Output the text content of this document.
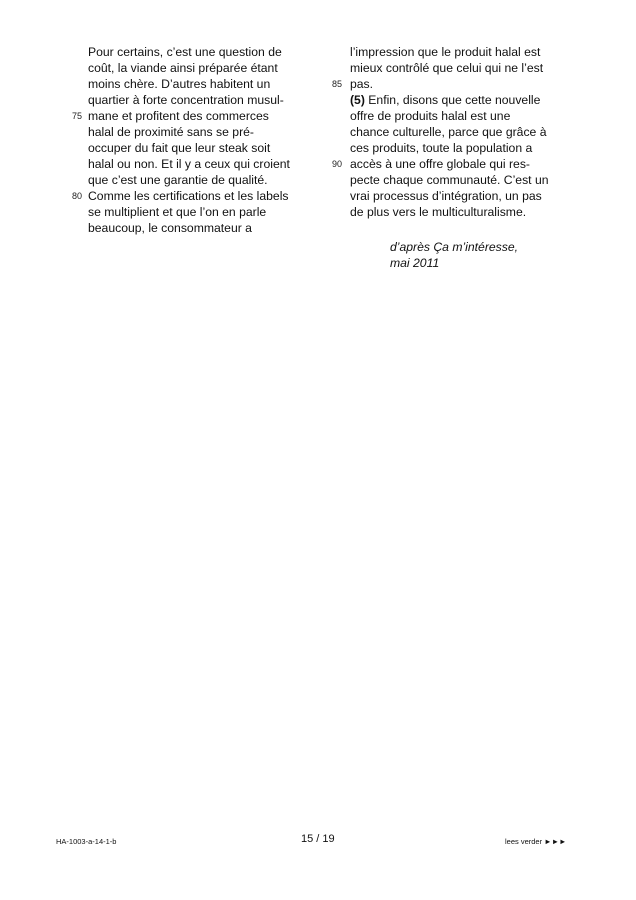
Pour certains, c’est une question de
coût, la viande ainsi préparée étant
moins chère. D’autres habitent un
quartier à forte concentration musul-
75 mane et profitent des commerces
halal de proximité sans se pré-
occuper du fait que leur steak soit
halal ou non. Et il y a ceux qui croient
que c’est une garantie de qualité.
80 Comme les certifications et les labels
se multiplient et que l’on en parle
beaucoup, le consommateur a
l’impression que le produit halal est
mieux contrôlé que celui qui ne l’est
85 pas.
(5) Enfin, disons que cette nouvelle
offre de produits halal est une
chance culturelle, parce que grâce à
ces produits, toute la population a
90 accès à une offre globale qui res-
pecte chaque communauté. C’est un
vrai processus d’intégration, un pas
de plus vers le multiculturalisme.
d’après Ça m’intéresse,
mai 2011
HA-1003-a-14-1-b	15 / 19	lees verder ►►►
